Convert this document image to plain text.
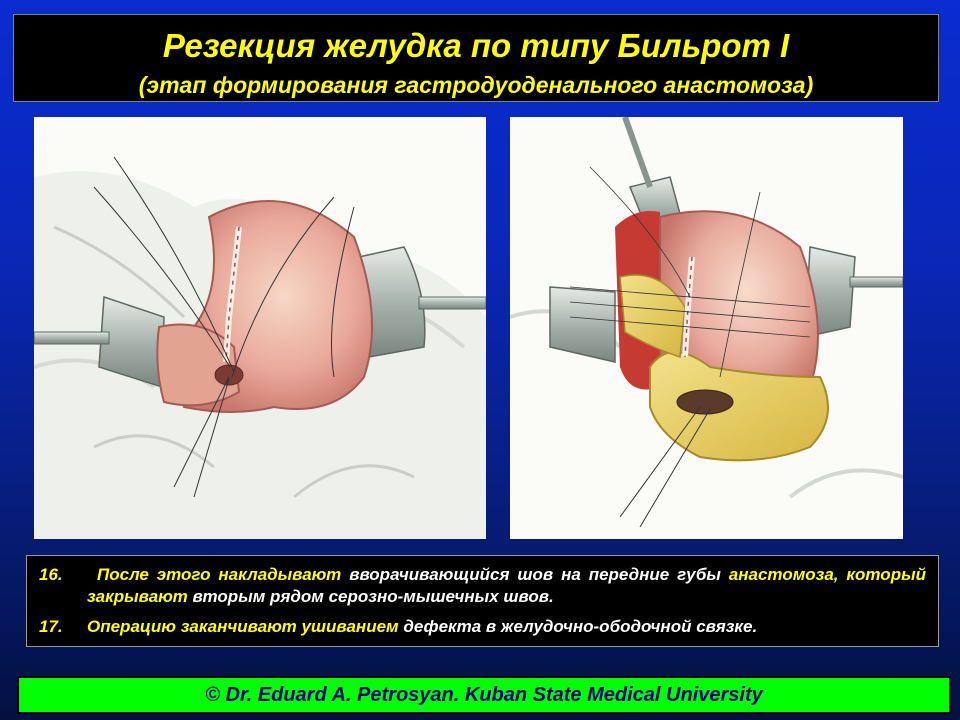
Резекция желудка по типу Бильрот I
(этап формирования гастродуоденального анастомоза)
16.	После этого накладывают вворачивающийся шов на передние губы анастомоза, который закрывают вторым рядом серозно-мышечных швов.
17. Операцию заканчивают ушиванием дефекта в желудочно-ободочной связке.
© Dr. Eduard A. Petrosyan. Kuban State Medical University
